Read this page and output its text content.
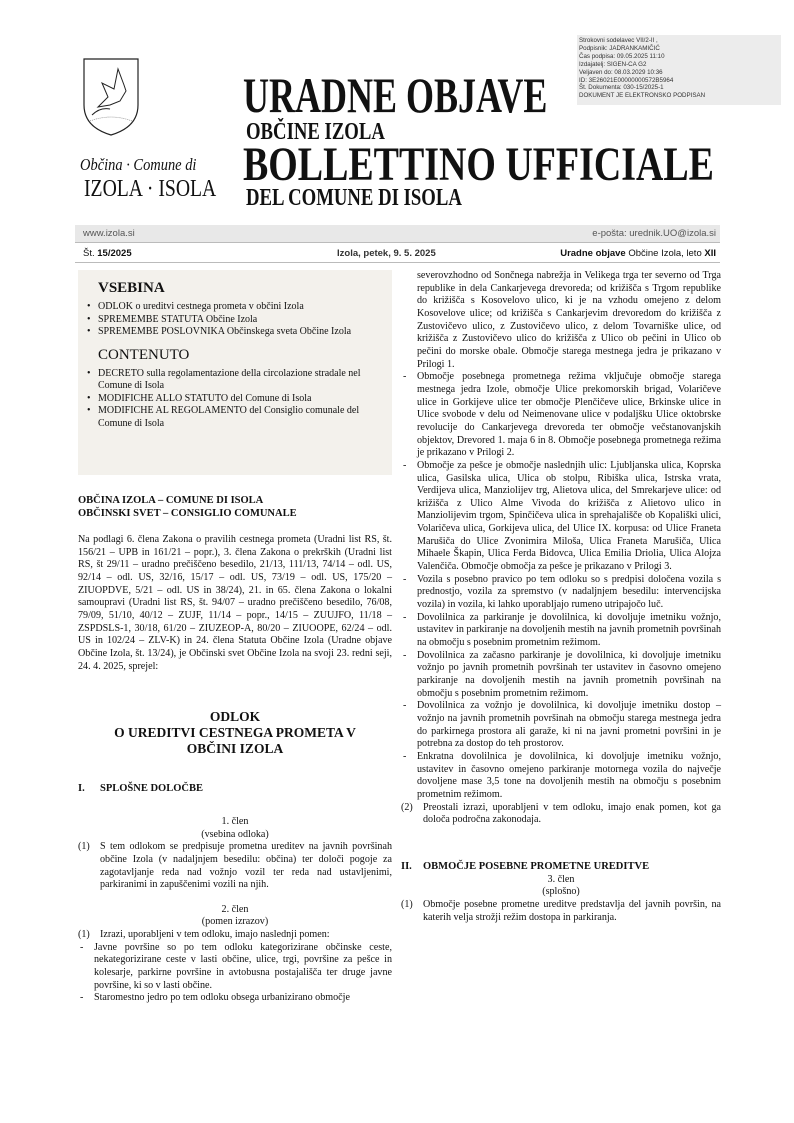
Občina · Comune di
IZOLA · ISOLA
URADNE OBJAVE
OBČINE IZOLA
BOLLETTINO UFFICIALE
DEL COMUNE DI ISOLA
Strokovni sodelavec VII/2-II ,
Podpisnik: JADRANKAMIČIĆ
Čas podpisa: 09.05.2025 11:10
Izdajatelj: SIGEN-CA G2
Veljaven do: 08.03.2029 10:36
ID: 3E26021E00000000572B5964
Št. Dokumenta: 030-15/2025-1
DOKUMENT JE ELEKTRONSKO PODPISAN
www.izola.si	e-pošta: urednik.UO@izola.si
Št. 15/2025	Izola, petek, 9. 5. 2025	Uradne objave Občine Izola, leto XII
VSEBINA
• ODLOK o ureditvi cestnega prometa v občini Izola
• SPREMEMBE STATUTA Občine Izola
• SPREMEMBE POSLOVNIKA Občinskega sveta Občine Izola
CONTENUTO
• DECRETO sulla regolamentazione della circolazione stradale nel Comune di Isola
• MODIFICHE ALLO STATUTO del Comune di Isola
• MODIFICHE AL REGOLAMENTO del Consiglio comunale del Comune di Isola
OBČINA IZOLA – COMUNE DI ISOLA
OBČINSKI SVET – CONSIGLIO COMUNALE
Na podlagi 6. člena Zakona o pravilih cestnega prometa (Uradni list RS, št. 156/21 – UPB in 161/21 – popr.), 3. člena Zakona o prekrških (Uradni list RS, št 29/11 – uradno prečiščeno besedilo, 21/13, 111/13, 74/14 – odl. US, 92/14 – odl. US, 32/16, 15/17 – odl. US, 73/19 – odl. US, 175/20 – ZIUOPDVE, 5/21 – odl. US in 38/24), 21. in 65. člena Zakona o lokalni samoupravi (Uradni list RS, št. 94/07 – uradno prečiščeno besedilo, 76/08, 79/09, 51/10, 40/12 – ZUJF, 11/14 – popr., 14/15 – ZUUJFO, 11/18 – ZSPDSLS-1, 30/18, 61/20 – ZIUZEOP-A, 80/20 – ZIUOOPE, 62/24 – odl. US in 102/24 – ZLV-K) in 24. člena Statuta Občine Izola (Uradne objave Občine Izola, št. 13/24), je Občinski svet Občine Izola na svoji 23. redni seji, 24. 4. 2025, sprejel:
ODLOK
O UREDITVI CESTNEGA PROMETA V
OBČINI IZOLA
I. SPLOŠNE DOLOČBE
1. člen
(vsebina odloka)
(1) S tem odlokom se predpisuje prometna ureditev na javnih površinah občine Izola (v nadaljnjem besedilu: občina) ter določi pogoje za zagotavljanje reda nad vožnjo vozil ter reda nad ustavljenimi, parkiranimi in zapuščenimi vozili na njih.
2. člen
(pomen izrazov)
(1) Izrazi, uporabljeni v tem odloku, imajo naslednji pomen:
- Javne površine so po tem odloku kategorizirane občinske ceste, nekategorizirane ceste v lasti občine, ulice, trgi, površine za pešce in kolesarje, parkirne površine in avtobusna postajališča ter druge javne površine, ki so v lasti občine.
- Staromestno jedro po tem odloku obsega urbanizirano območje
severovzhodno od Sončnega nabrežja in Velikega trga ter severno od Trga republike in dela Cankarjevega drevoreda; od križišča s Trgom republike do križišča s Kosovelovo ulico, ki je na vzhodu omejeno z delom Kosovelove ulice; od križišča s Cankarjevim drevoredom do križišča z Zustovičevo ulico, z Zustovičevo ulico, z delom Tovarniške ulice, od križišča z Zustovičevo ulico do križišča z Ulico ob pečini in Ulico ob pečini do morske obale. Območje starega mestnega jedra je prikazano v Prilogi 1.
- Območje posebnega prometnega režima vključuje območje starega mestnega jedra Izole, območje Ulice prekomorskih brigad, Volaričeve ulice in Gorkijeve ulice ter območje Plenčičeve ulice, Brkinske ulice in Ulice svobode v delu od Neimenovane ulice v podaljšku Ulice oktobrske revolucije do Cankarjevega drevoreda ter območje večstanovanjskih objektov, Drevored 1. maja 6 in 8. Območje posebnega prometnega režima je prikazano v Prilogi 2.
- Območje za pešce je območje naslednjih ulic: Ljubljanska ulica, Koprska ulica, Gasilska ulica, Ulica ob stolpu, Ribiška ulica, Istrska vrata, Verdijeva ulica, Manziolijev trg, Alietova ulica, del Smrekarjeve ulice: od križišča z Ulico Alme Vivoda do križišča z Alietovo ulico in Manziolijevim trgom, Spinčičeva ulica in sprehajališče ob Kopališki ulici, Volaričeva ulica, Gorkijeva ulica, del Ulice IX. korpusa: od Ulice Franeta Marušiča do Ulice Zvonimira Miloša, Ulica Franeta Marušiča, Ulica Mihaele Škapin, Ulica Ferda Bidovca, Ulica Emilia Driolia, Ulica Alojza Valenčiča. Območje območja za pešce je prikazano v Prilogi 3.
- Vozila s posebno pravico po tem odloku so s predpisi določena vozila s prednostjo, vozila za spremstvo (v nadaljnjem besedilu: intervencijska vozila) in vozila, ki lahko uporabljajo rumeno utripajočo luč.
- Dovolilnica za parkiranje je dovolilnica, ki dovoljuje imetniku vožnjo, ustavitev in parkiranje na dovoljenih mestih na javnih prometnih površinah na območju s posebnim prometnim režimom.
- Dovolilnica za začasno parkiranje je dovolilnica, ki dovoljuje imetniku vožnjo po javnih prometnih površinah ter ustavitev in časovno omejeno parkiranje na dovoljenih mestih na javnih prometnih površinah na območju s posebnim prometnim režimom.
- Dovolilnica za vožnjo je dovolilnica, ki dovoljuje imetniku dostop – vožnjo na javnih prometnih površinah na območju starega mestnega jedra do parkirnega prostora ali garaže, ki ni na javni prometni površini in je potrebna za dostop do teh prostorov.
- Enkratna dovolilnica je dovolilnica, ki dovoljuje imetniku vožnjo, ustavitev in časovno omejeno parkiranje motornega vozila do največje dovoljene mase 3,5 tone na dovoljenih mestih na območju s posebnim prometnim režimom.
(2) Preostali izrazi, uporabljeni v tem odloku, imajo enak pomen, kot ga določa področna zakonodaja.
II. OBMOČJE POSEBNE PROMETNE UREDITVE
3. člen
(splošno)
(1) Območje posebne prometne ureditve predstavlja del javnih površin, na katerih velja strožji režim dostopa in parkiranja.
